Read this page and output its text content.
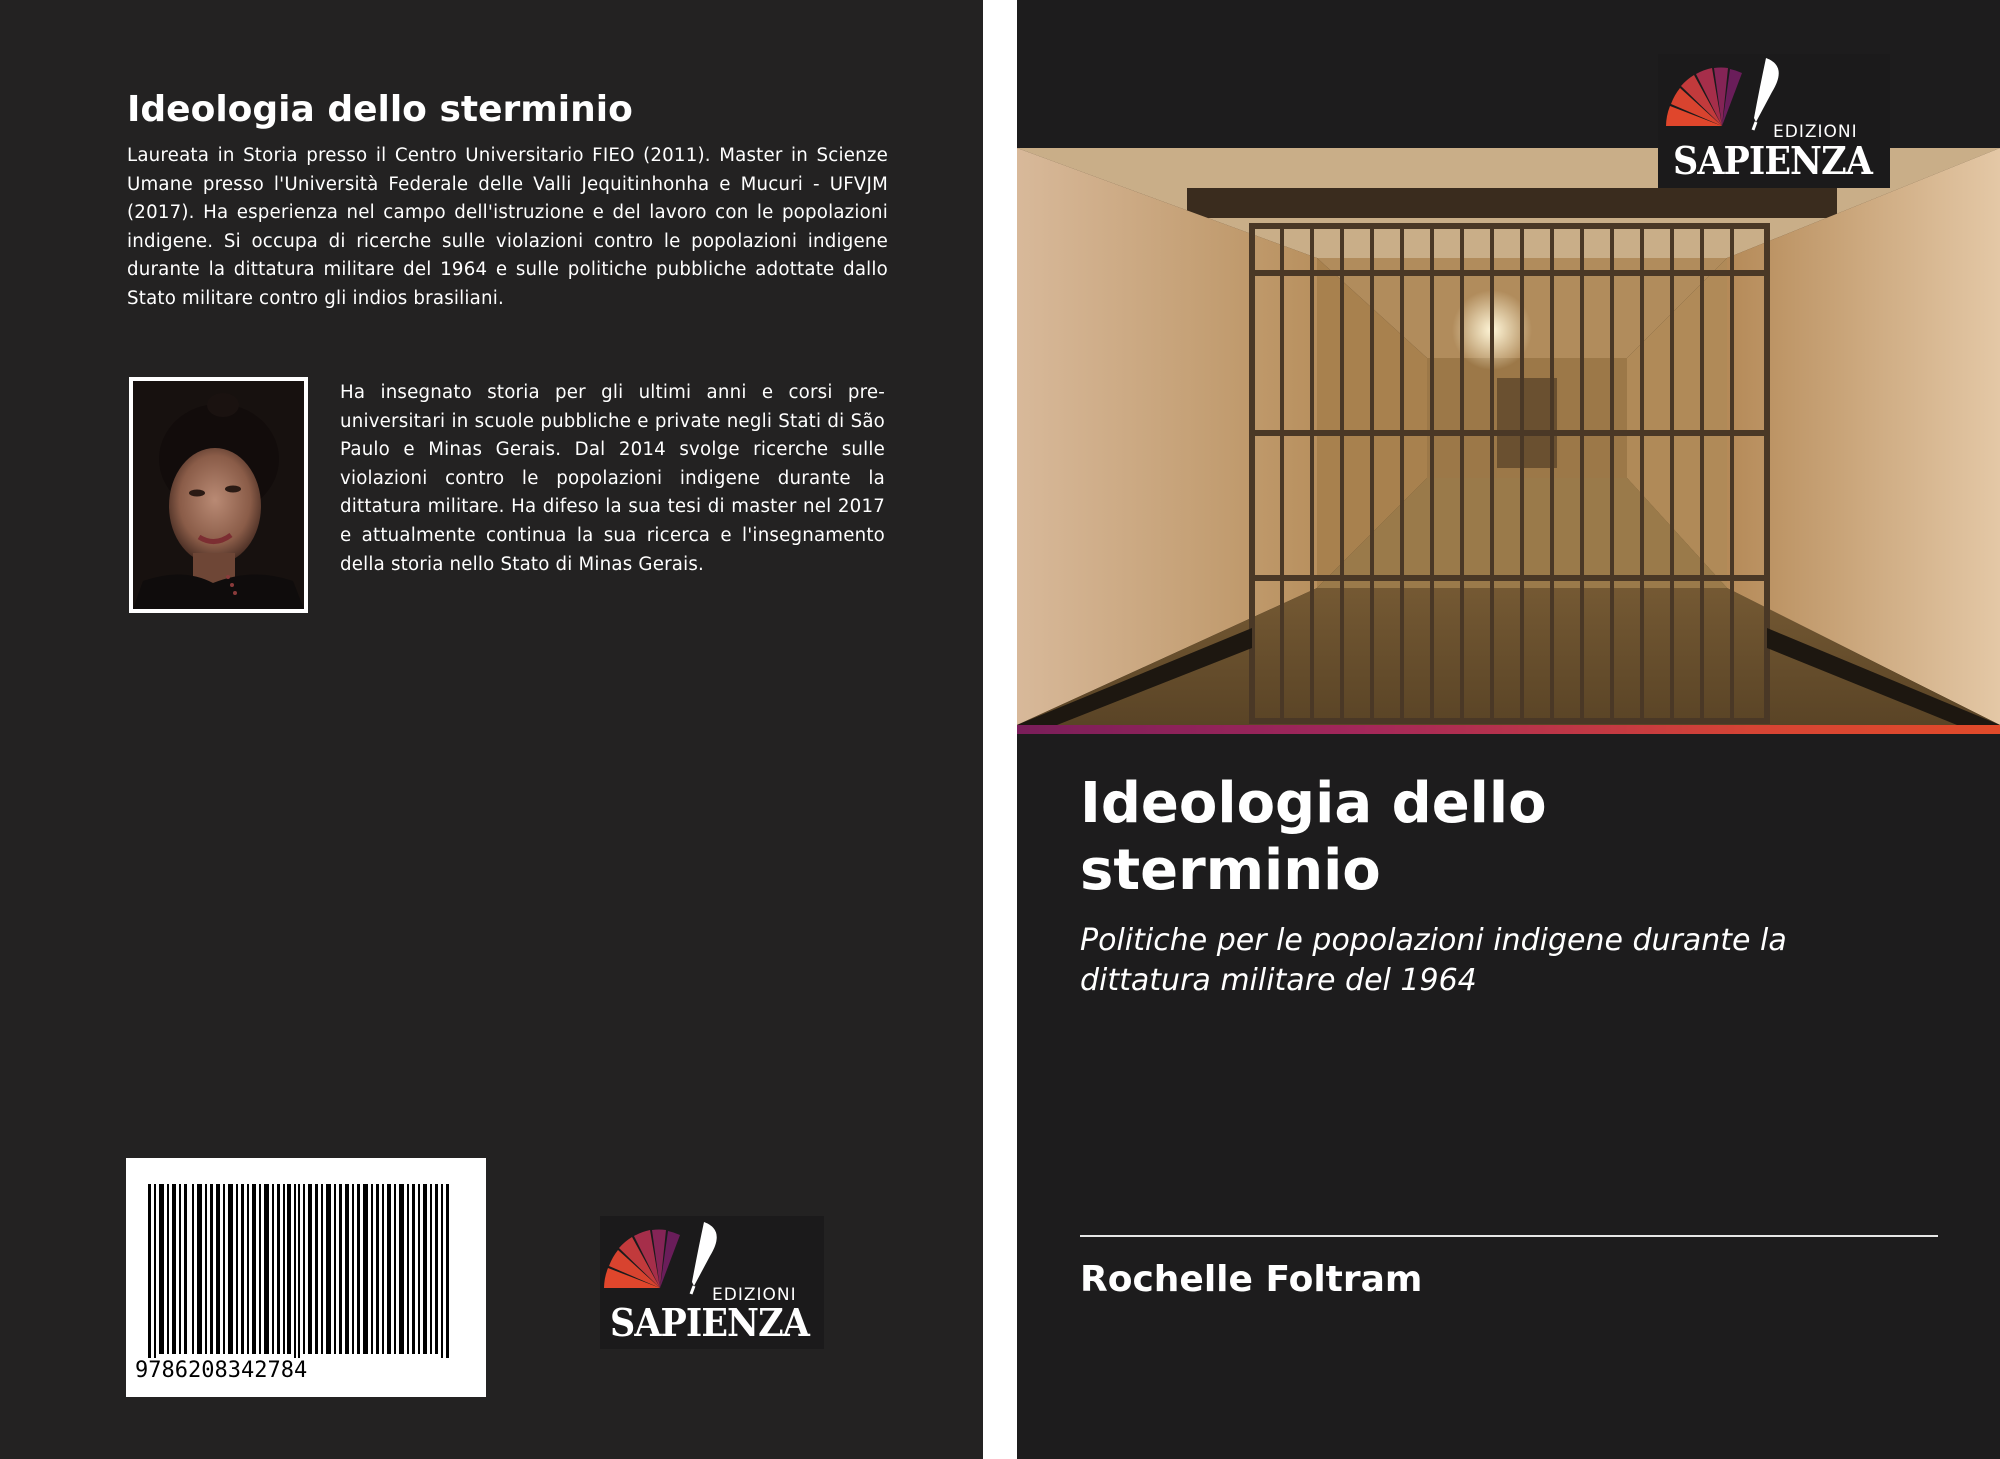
Ideologia dello sterminio

Laureata in Storia presso il Centro Universitario FIEO (2011). Master in Scienze Umane presso l'Università Federale delle Valli Jequitinhonha e Mucuri - UFVJM (2017). Ha esperienza nel campo dell'istruzione e del lavoro con le popolazioni indigene. Si occupa di ricerche sulle violazioni contro le popolazioni indigene durante la dittatura militare del 1964 e sulle politiche pubbliche adottate dallo Stato militare contro gli indios brasiliani.

Ha insegnato storia per gli ultimi anni e corsi pre-universitari in scuole pubbliche e private negli Stati di São Paulo e Minas Gerais. Dal 2014 svolge ricerche sulle violazioni contro le popolazioni indigene durante la dittatura militare. Ha difeso la sua tesi di master nel 2017 e attualmente continua la sua ricerca e l'insegnamento della storia nello Stato di Minas Gerais.

9786208342784
EDIZIONI
SAPIENZA
EDIZIONI
SAPIENZA
Ideologia dello sterminio

Politiche per le popolazioni indigene durante la dittatura militare del 1964

Rochelle Foltram
